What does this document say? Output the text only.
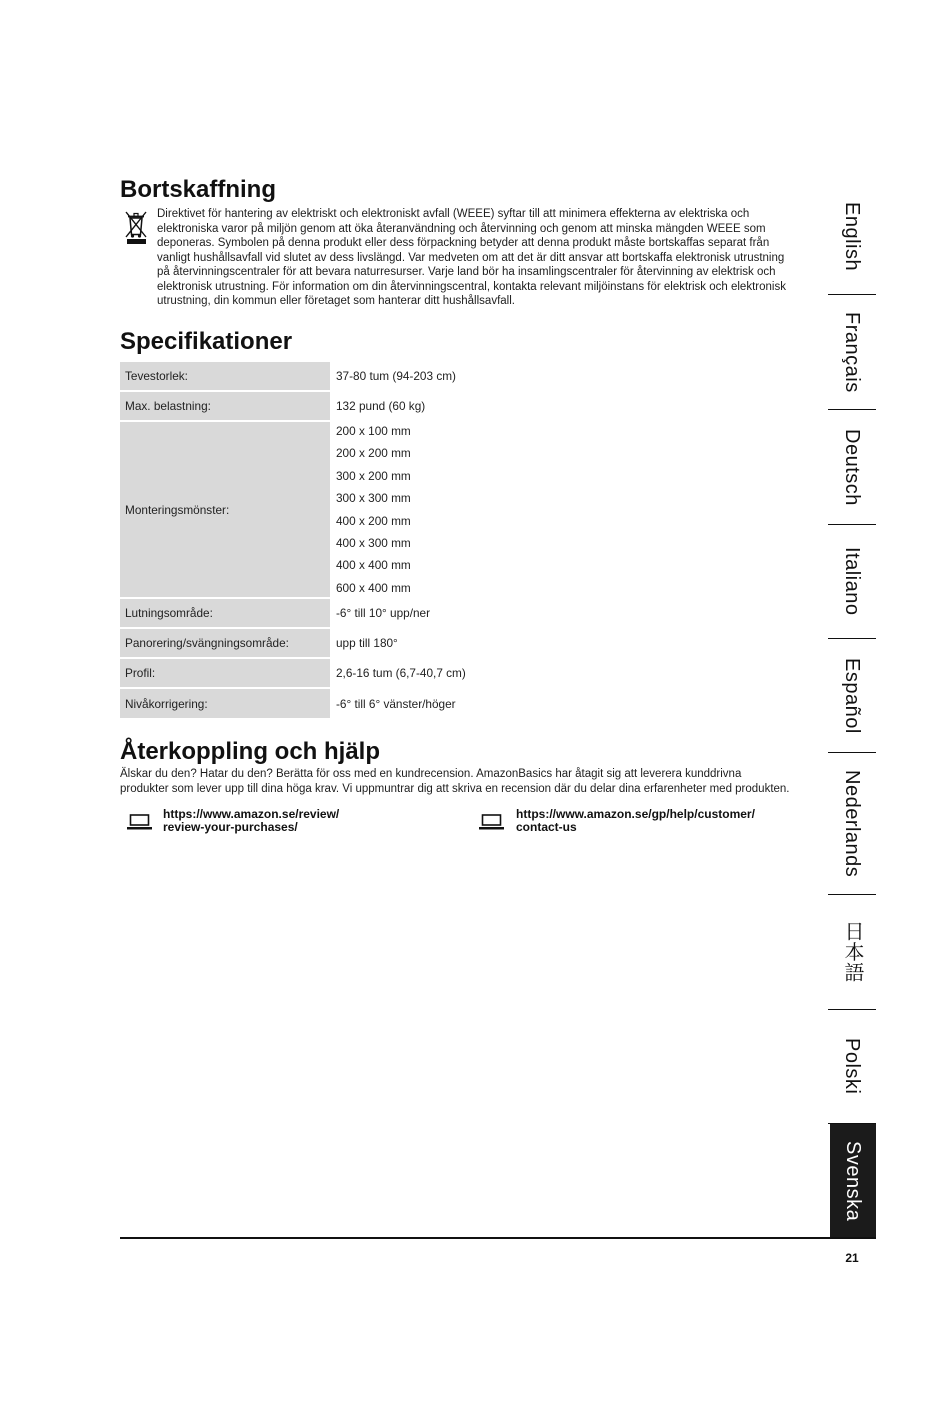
Bortskaffning
Direktivet för hantering av elektriskt och elektroniskt avfall (WEEE) syftar till att minimera effekterna av elektriska och
elektroniska varor på miljön genom att öka återanvändning och återvinning och genom att minska mängden WEEE som
deponeras. Symbolen på denna produkt eller dess förpackning betyder att denna produkt måste bortskaffas separat från
vanligt hushållsavfall vid slutet av dess livslängd. Var medveten om att det är ditt ansvar att bortskaffa elektronisk utrustning
på återvinningscentraler för att bevara naturresurser. Varje land bör ha insamlingscentraler för återvinning av elektrisk och
elektronisk utrustning. För information om din återvinningscentral, kontakta relevant miljöinstans för elektrisk och elektronisk
utrustning, din kommun eller företaget som hanterar ditt hushållsavfall.
Specifikationer
Tevestorlek:	37-80 tum (94-203 cm)
Max. belastning:	132 pund (60 kg)
Monteringsmönster:
200 x 100 mm
200 x 200 mm
300 x 200 mm
300 x 300 mm
400 x 200 mm
400 x 300 mm
400 x 400 mm
600 x 400 mm
Lutningsområde:	-6° till 10° upp/ner
Panorering/svängningsområde:	upp till 180°
Profil:	2,6-16 tum (6,7-40,7 cm)
Nivåkorrigering:	-6° till 6° vänster/höger
Återkoppling och hjälp
Älskar du den? Hatar du den? Berätta för oss med en kundrecension. AmazonBasics har åtagit sig att leverera kunddrivna
produkter som lever upp till dina höga krav. Vi uppmuntrar dig att skriva en recension där du delar dina erfarenheter med produkten.
https://www.amazon.se/review/
review-your-purchases/
https://www.amazon.se/gp/help/customer/
contact-us
English
Français
Deutsch
Italiano
Español
Nederlands
日本語
Polski
Svenska
21
